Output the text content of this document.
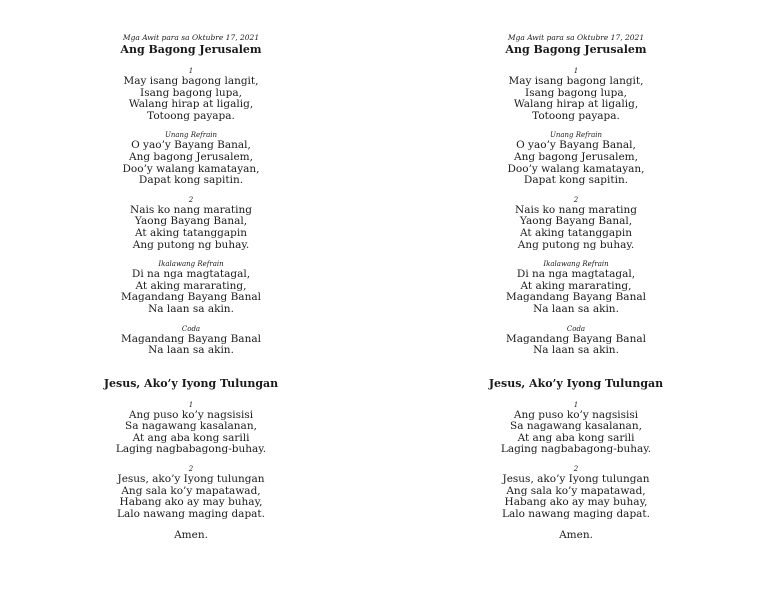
Mga Awit para sa Oktubre 17, 2021
Ang Bagong Jerusalem
1
May isang bagong langit,
Isang bagong lupa,
Walang hirap at ligalig,
Totoong payapa.
Unang Refrain
O yao’y Bayang Banal,
Ang bagong Jerusalem,
Doo’y walang kamatayan,
Dapat kong sapitin.
2
Nais ko nang marating
Yaong Bayang Banal,
At aking tatanggapin
Ang putong ng buhay.
Ikalawang Refrain
Di na nga magtatagal,
At aking mararating,
Magandang Bayang Banal
Na laan sa akin.
Coda
Magandang Bayang Banal
Na laan sa akin.
Jesus, Ako’y Iyong Tulungan
1
Ang puso ko’y nagsisisi
Sa nagawang kasalanan,
At ang aba kong sarili
Laging nagbabagong-buhay.
2
Jesus, ako’y Iyong tulungan
Ang sala ko’y mapatawad,
Habang ako ay may buhay,
Lalo nawang maging dapat.
Amen.
Mga Awit para sa Oktubre 17, 2021
Ang Bagong Jerusalem
1
May isang bagong langit,
Isang bagong lupa,
Walang hirap at ligalig,
Totoong payapa.
Unang Refrain
O yao’y Bayang Banal,
Ang bagong Jerusalem,
Doo’y walang kamatayan,
Dapat kong sapitin.
2
Nais ko nang marating
Yaong Bayang Banal,
At aking tatanggapin
Ang putong ng buhay.
Ikalawang Refrain
Di na nga magtatagal,
At aking mararating,
Magandang Bayang Banal
Na laan sa akin.
Coda
Magandang Bayang Banal
Na laan sa akin.
Jesus, Ako’y Iyong Tulungan
1
Ang puso ko’y nagsisisi
Sa nagawang kasalanan,
At ang aba kong sarili
Laging nagbabagong-buhay.
2
Jesus, ako’y Iyong tulungan
Ang sala ko’y mapatawad,
Habang ako ay may buhay,
Lalo nawang maging dapat.
Amen.
